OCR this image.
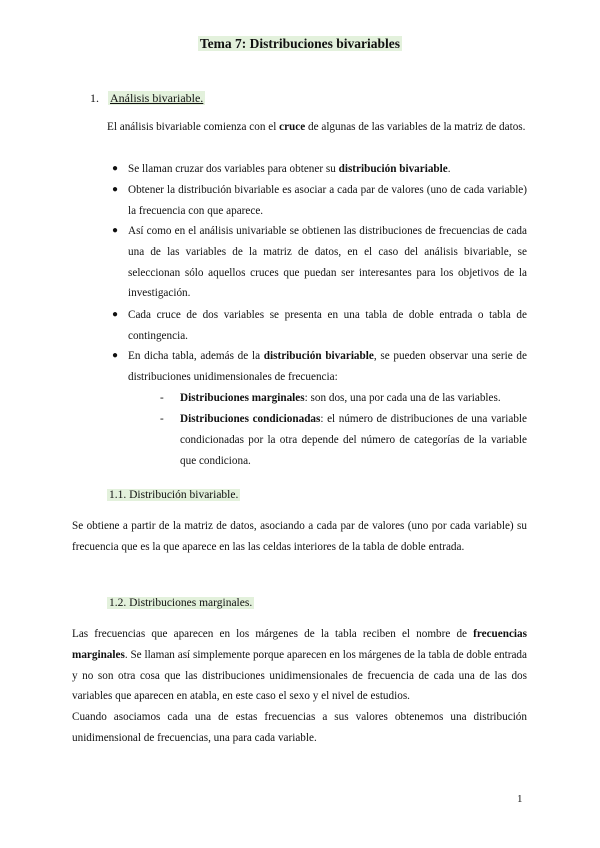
Tema 7: Distribuciones bivariables
1. Análisis bivariable.
El análisis bivariable comienza con el cruce de algunas de las variables de la matriz de datos.
● Se llaman cruzar dos variables para obtener su distribución bivariable.
● Obtener la distribución bivariable es asociar a cada par de valores (uno de cada variable) la frecuencia con que aparece.
● Así como en el análisis univariable se obtienen las distribuciones de frecuencias de cada una de las variables de la matriz de datos, en el caso del análisis bivariable, se seleccionan sólo aquellos cruces que puedan ser interesantes para los objetivos de la investigación.
● Cada cruce de dos variables se presenta en una tabla de doble entrada o tabla de contingencia.
● En dicha tabla, además de la distribución bivariable, se pueden observar una serie de distribuciones unidimensionales de frecuencia:
- Distribuciones marginales: son dos, una por cada una de las variables.
- Distribuciones condicionadas: el número de distribuciones de una variable condicionadas por la otra depende del número de categorías de la variable que condiciona.
1.1. Distribución bivariable.
Se obtiene a partir de la matriz de datos, asociando a cada par de valores (uno por cada variable) su frecuencia que es la que aparece en las las celdas interiores de la tabla de doble entrada.
1.2. Distribuciones marginales.
Las frecuencias que aparecen en los márgenes de la tabla reciben el nombre de frecuencias marginales. Se llaman así simplemente porque aparecen en los márgenes de la tabla de doble entrada y no son otra cosa que las distribuciones unidimensionales de frecuencia de cada una de las dos variables que aparecen en atabla, en este caso el sexo y el nivel de estudios.
Cuando asociamos cada una de estas frecuencias a sus valores obtenemos una distribución unidimensional de frecuencias, una para cada variable.
1
